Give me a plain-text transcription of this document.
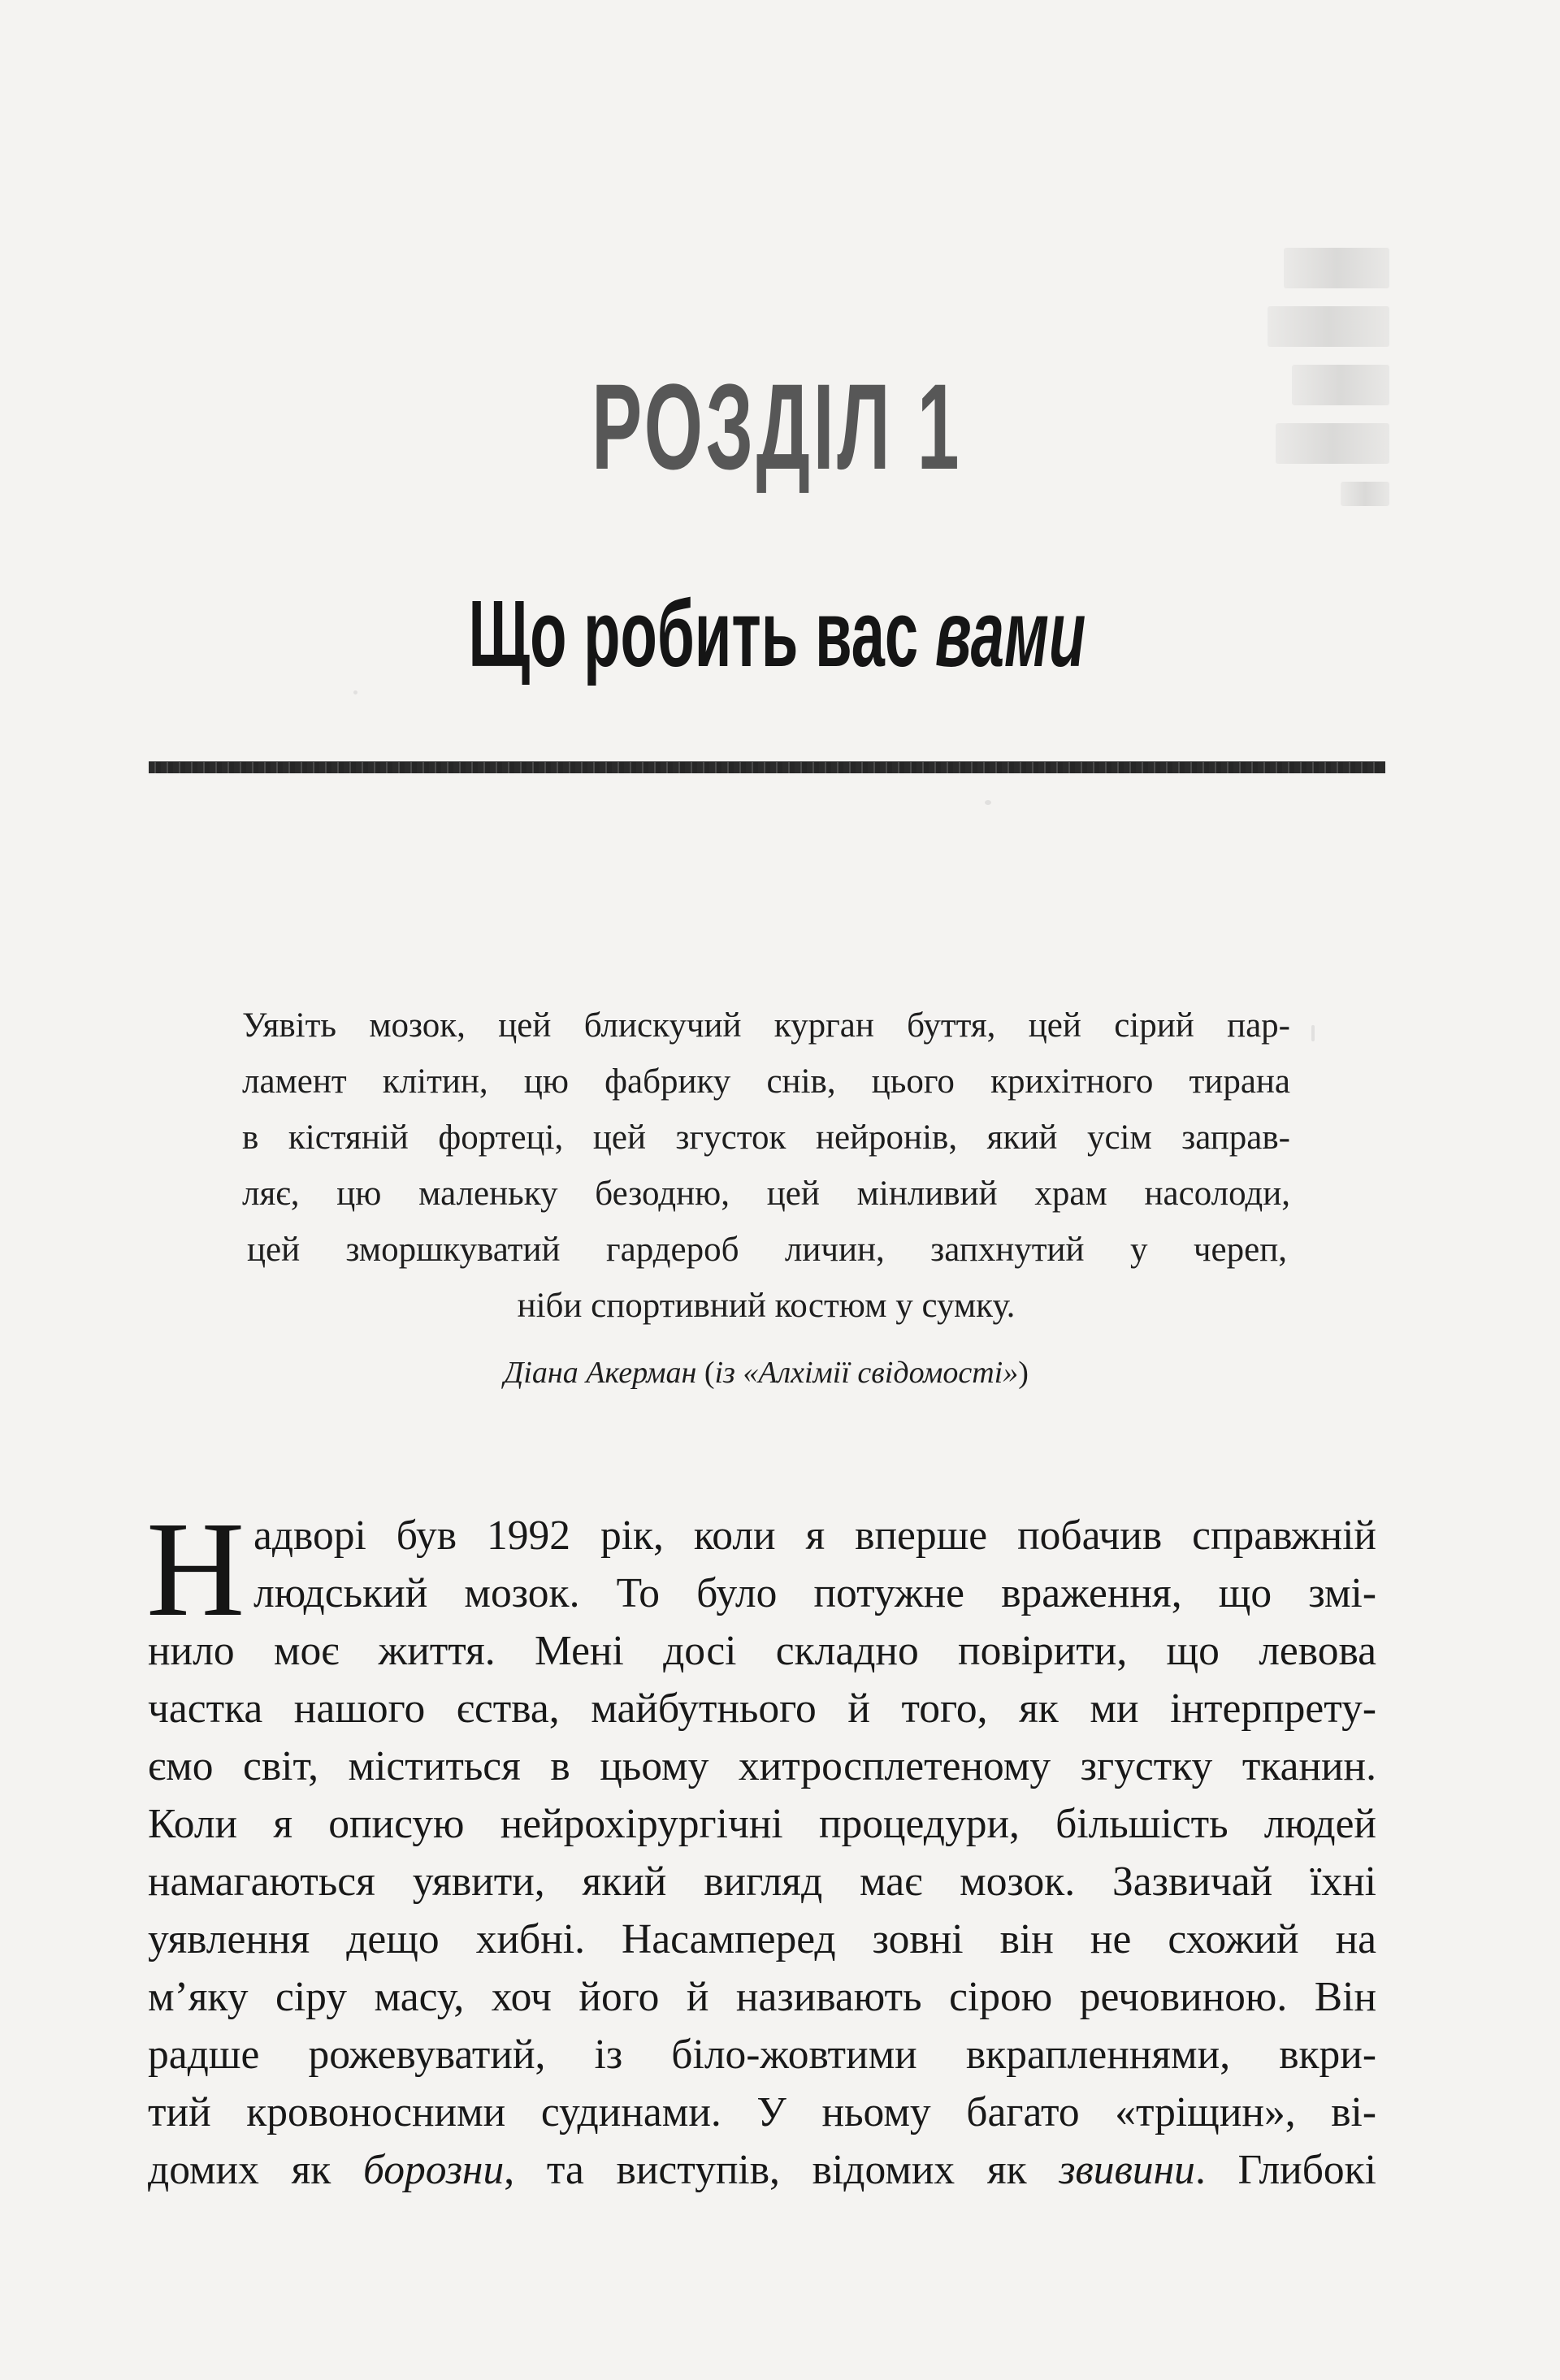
РОЗДІЛ 1
Що робить вас вами
Уявіть мозок, цей блискучий курган буття, цей сірий пар-
ламент клітин, цю фабрику снів, цього крихітного тирана
в кістяній фортеці, цей згусток нейронів, який усім заправ-
ляє, цю маленьку безодню, цей мінливий храм насолоди,
цей зморшкуватий гардероб личин, запхнутий у череп,
ніби спортивний костюм у сумку.
Діана Акерман (із «Алхімії свідомості»)
Н адворі був 1992 рік, коли я вперше побачив справжній
людський мозок. То було потужне враження, що змі-
нило моє життя. Мені досі складно повірити, що левова
частка нашого єства, майбутнього й того, як ми інтерпрету-
ємо світ, міститься в цьому хитросплетеному згустку тканин.
Коли я описую нейрохірургічні процедури, більшість людей
намагаються уявити, який вигляд має мозок. Зазвичай їхні
уявлення дещо хибні. Насамперед зовні він не схожий на
м’яку сіру масу, хоч його й називають сірою речовиною. Він
радше рожевуватий, із біло-жовтими вкрапленнями, вкри-
тий кровоносними судинами. У ньому багато «тріщин», ві-
домих як борозни, та виступів, відомих як звивини. Глибокі
